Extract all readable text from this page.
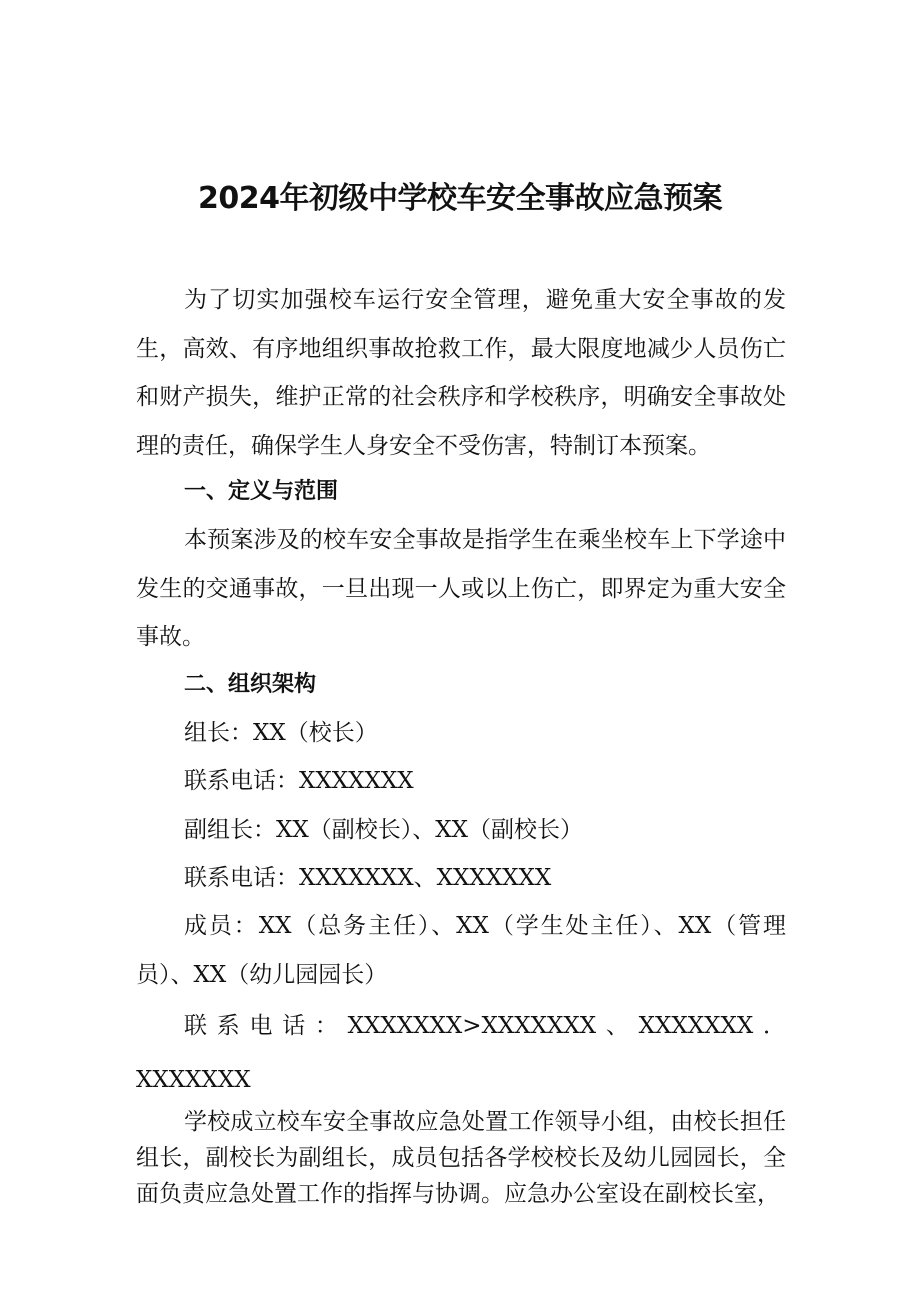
2024年初级中学校车安全事故应急预案

为了切实加强校车运行安全管理，避免重大安全事故的发生，高效、有序地组织事故抢救工作，最大限度地减少人员伤亡和财产损失，维护正常的社会秩序和学校秩序，明确安全事故处理的责任，确保学生人身安全不受伤害，特制订本预案。

一、定义与范围

本预案涉及的校车安全事故是指学生在乘坐校车上下学途中发生的交通事故，一旦出现一人或以上伤亡，即界定为重大安全事故。

二、组织架构

组长：XX（校长）

联系电话：XXXXXXX

副组长：XX（副校长）、XX（副校长）

联系电话：XXXXXXX、XXXXXXX

成员：XX（总务主任）、XX（学生处主任）、XX（管理员）、XX（幼儿园园长）

联系电话：XXXXXXX>XXXXXXX、XXXXXXX．XXXXXXX

学校成立校车安全事故应急处置工作领导小组，由校长担任组长，副校长为副组长，成员包括各学校校长及幼儿园园长，全面负责应急处置工作的指挥与协调。应急办公室设在副校长室，
